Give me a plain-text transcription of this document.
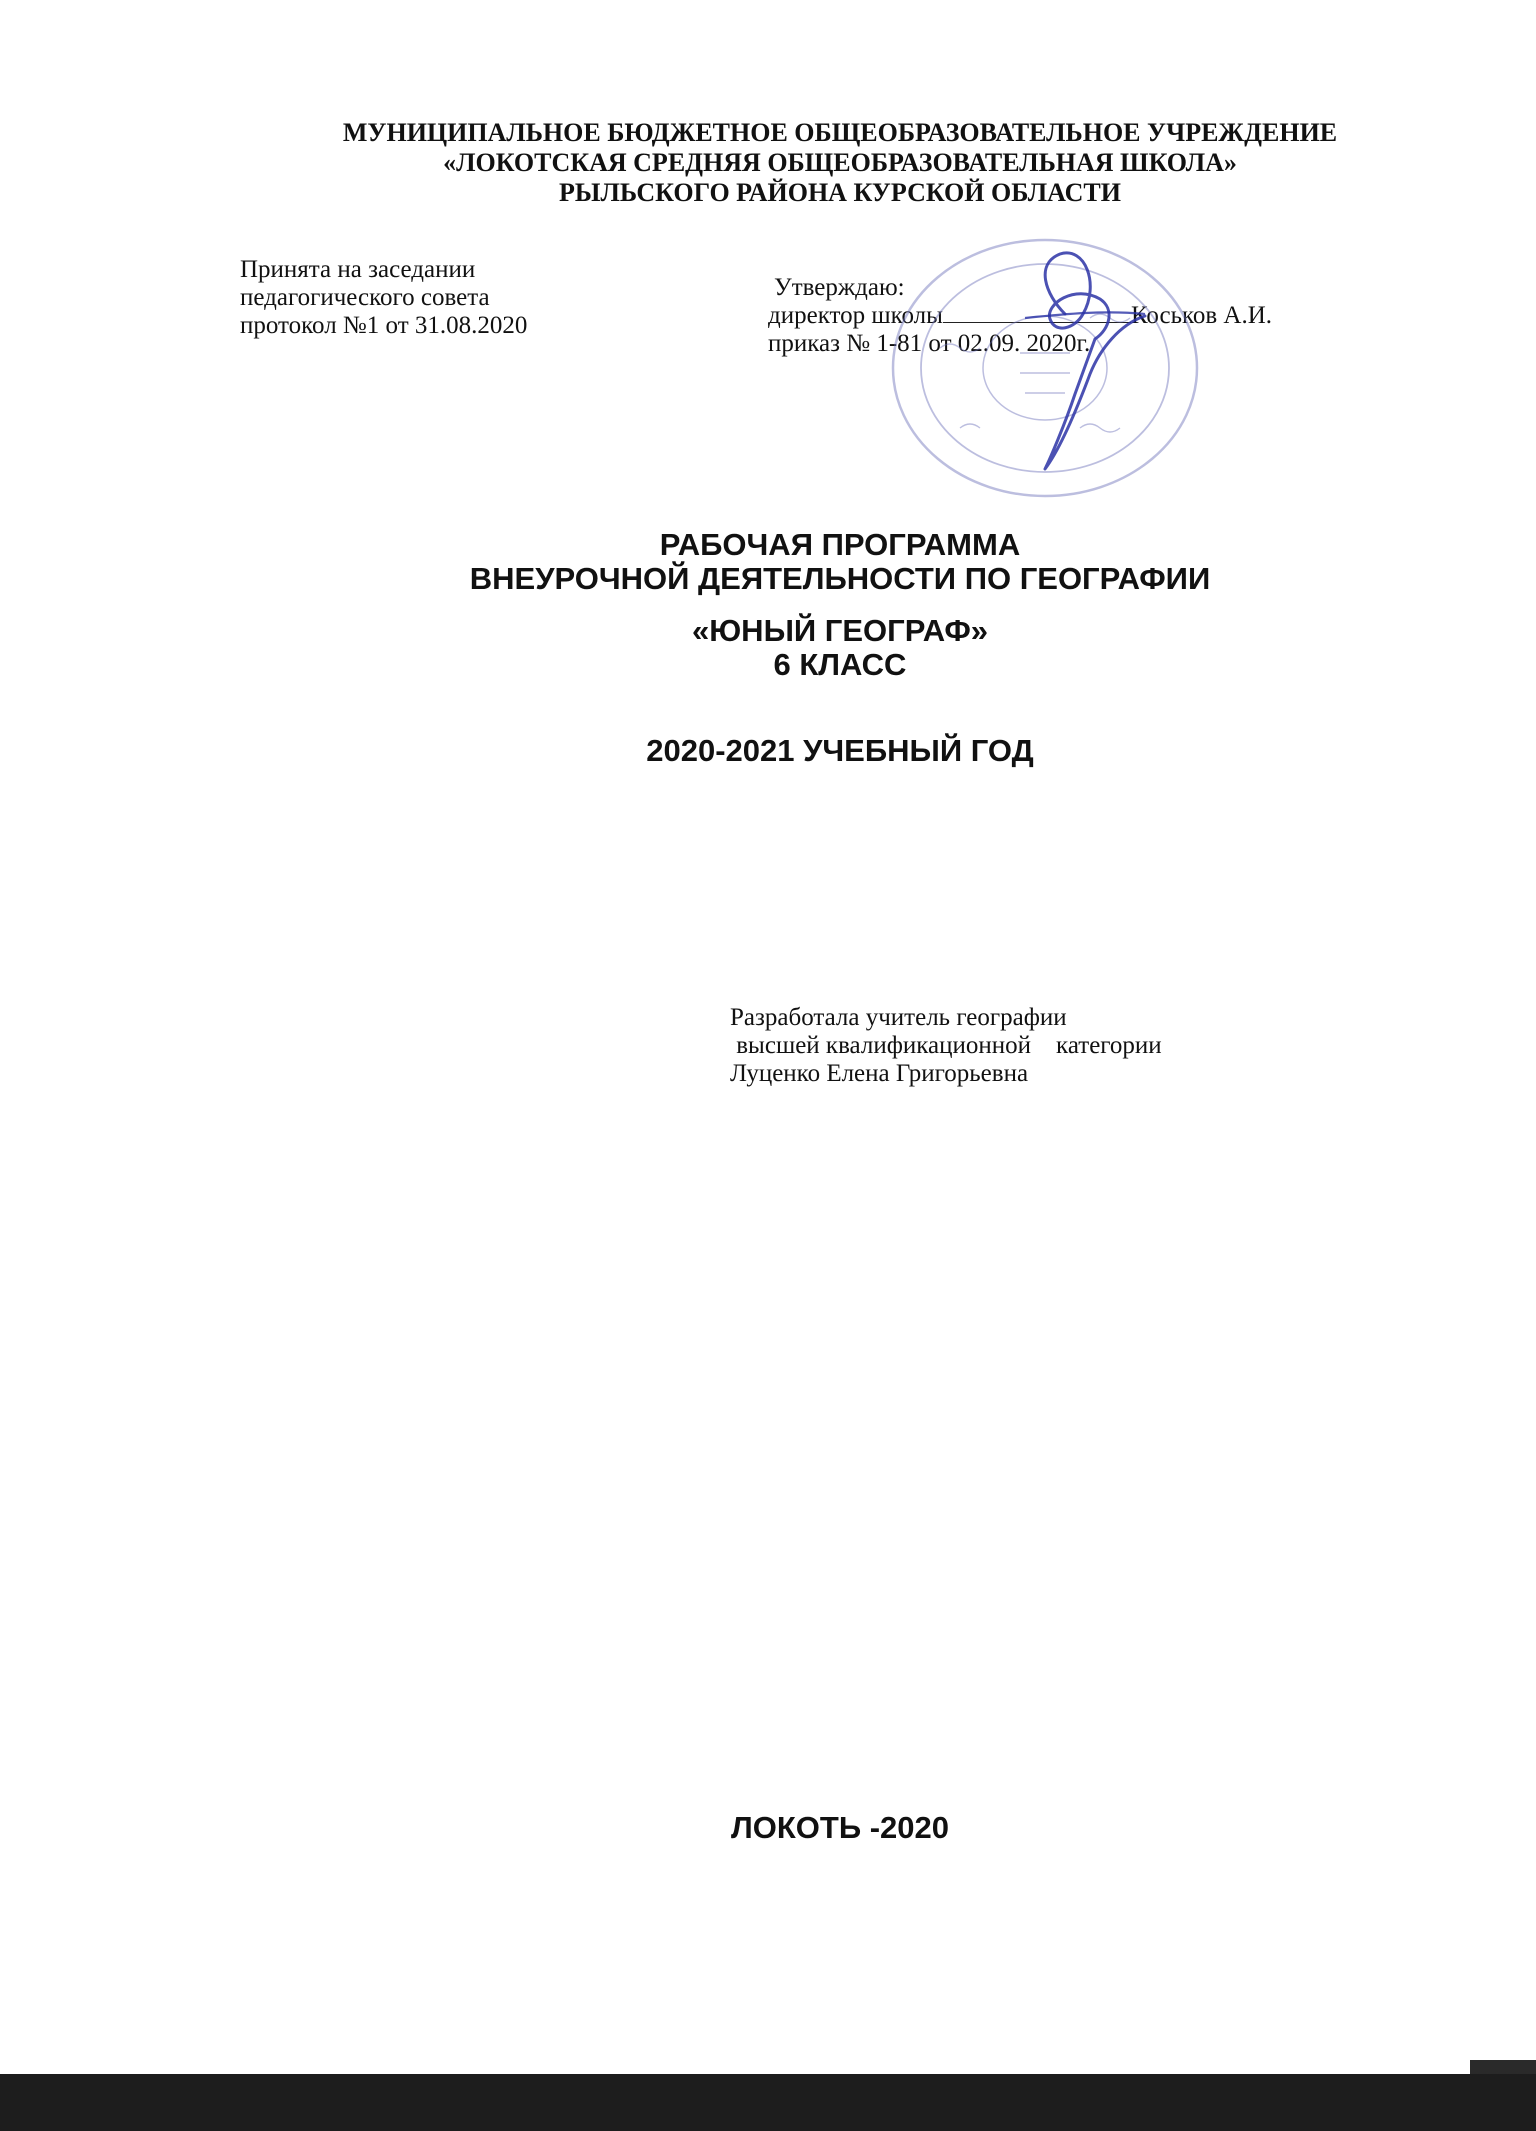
МУНИЦИПАЛЬНОЕ БЮДЖЕТНОЕ ОБЩЕОБРАЗОВАТЕЛЬНОЕ УЧРЕЖДЕНИЕ
«ЛОКОТСКАЯ СРЕДНЯЯ ОБЩЕОБРАЗОВАТЕЛЬНАЯ ШКОЛА»
РЫЛЬСКОГО РАЙОНА КУРСКОЙ ОБЛАСТИ
Принята на заседании
педагогического совета
протокол №1 от 31.08.2020
Утверждаю:
директор школы	Коськов А.И.
приказ № 1-81 от 02.09. 2020г.
РАБОЧАЯ ПРОГРАММА
ВНЕУРОЧНОЙ ДЕЯТЕЛЬНОСТИ ПО ГЕОГРАФИИ
«ЮНЫЙ ГЕОГРАФ»
6 КЛАСС
2020-2021 УЧЕБНЫЙ ГОД
Разработала учитель географии
высшей квалификационной    категории
Луценко Елена Григорьевна
ЛОКОТЬ -2020
